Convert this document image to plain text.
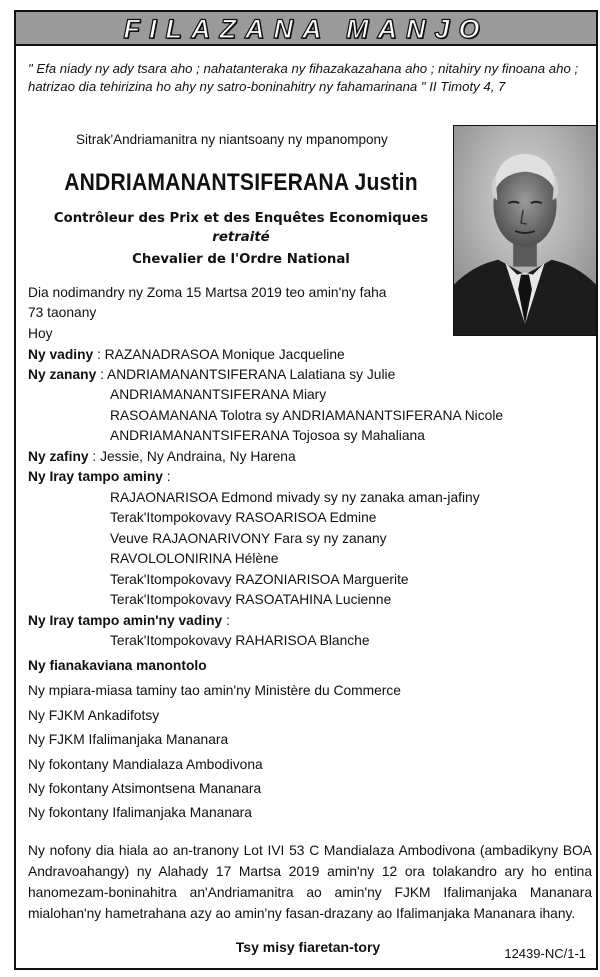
FILAZANA MANJO
" Efa niady ny ady tsara aho ; nahatanteraka ny fihazakazahana aho ; nitahiry ny finoana aho ; hatrizao dia tehirizina ho ahy ny satro-boninahitry ny fahamarinana " II Timoty 4, 7
Sitrak'Andriamanitra ny niantsoany ny mpanompony
ANDRIAMANANTSIFERANA Justin
Contrôleur des Prix et des Enquêtes Economiques
retraité
Chevalier de l'Ordre National
Dia nodimandry ny Zoma 15 Martsa 2019 teo amin'ny faha
73 taonany
Hoy
Ny vadiny : RAZANADRASOA Monique Jacqueline
Ny zanany : ANDRIAMANANTSIFERANA Lalatiana sy Julie
ANDRIAMANANTSIFERANA Miary
RASOAMANANA Tolotra sy ANDRIAMANANTSIFERANA Nicole
ANDRIAMANANTSIFERANA Tojosoa sy Mahaliana
Ny zafiny : Jessie, Ny Andraina, Ny Harena
Ny Iray tampo aminy :
RAJAONARISOA Edmond mivady sy ny zanaka aman-jafiny
Terak'Itompokovavy RASOARISOA Edmine
Veuve RAJAONARIVONY Fara sy ny zanany
RAVOLOLONIRINA Hélène
Terak'Itompokovavy RAZONIARISOA Marguerite
Terak'Itompokovavy RASOATAHINA Lucienne
Ny Iray tampo amin'ny vadiny :
Terak'Itompokovavy RAHARISOA Blanche
Ny fianakaviana manontolo
Ny mpiara-miasa taminy tao amin'ny Ministère du Commerce
Ny FJKM Ankadifotsy
Ny FJKM Ifalimanjaka Mananara
Ny fokontany Mandialaza Ambodivona
Ny fokontany Atsimontsena Mananara
Ny fokontany Ifalimanjaka Mananara
Ny nofony dia hiala ao an-tranony Lot IVI 53 C Mandialaza Ambodivona (ambadikyny BOA Andravoahangy) ny Alahady 17 Martsa 2019 amin'ny 12 ora tolakandro ary ho entina hanomezam-boninahitra an'Andriamanitra ao amin'ny FJKM Ifalimanjaka Mananara mialohan'ny hametrahana azy ao amin'ny fasan-drazany ao Ifalimanjaka Mananara ihany.
Tsy misy fiaretan-tory	12439-NC/1-1
